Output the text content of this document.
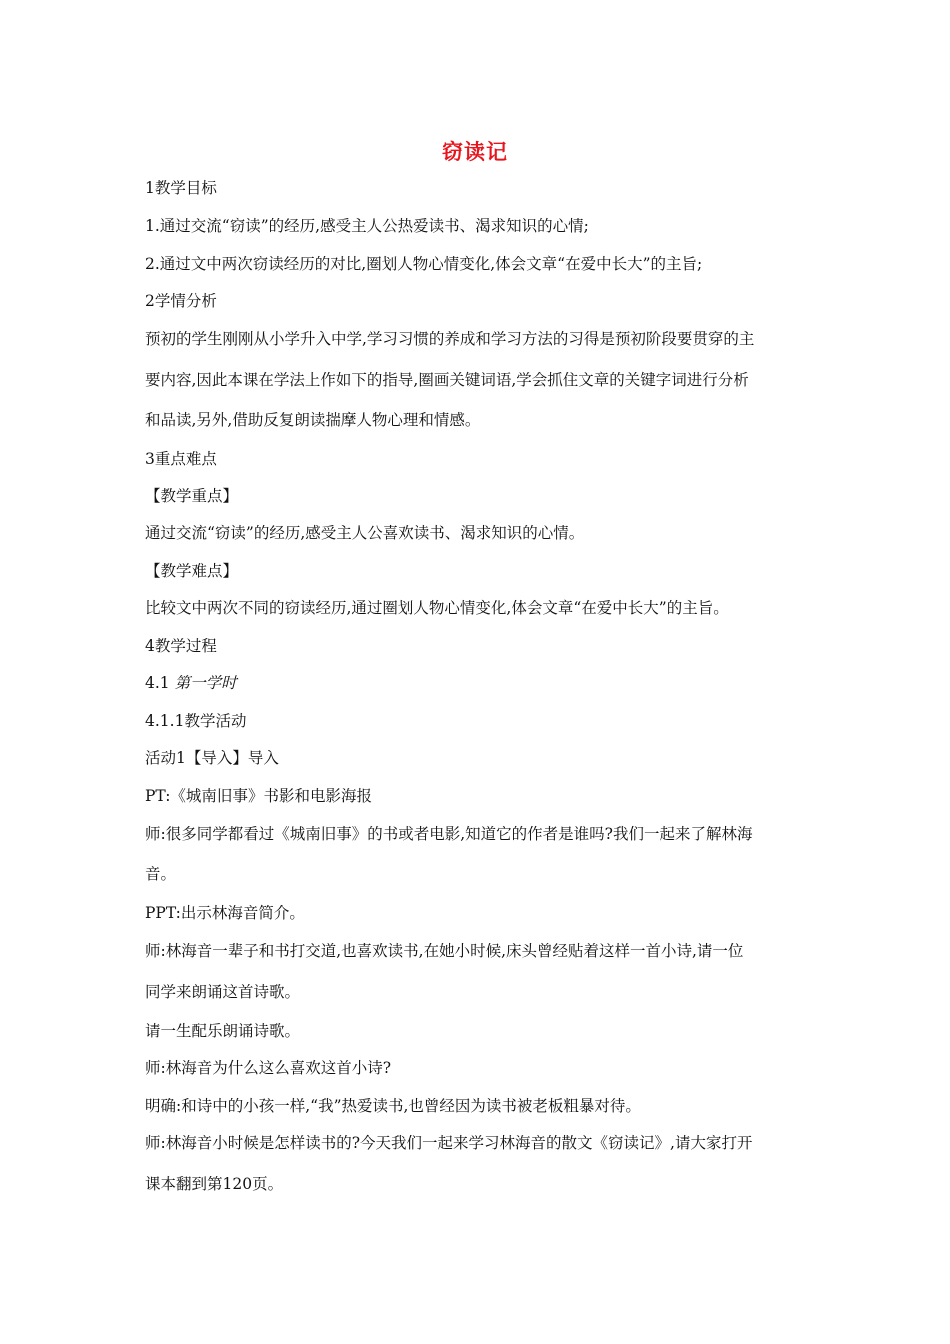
窃读记
1教学目标
1.通过交流“窃读”的经历,感受主人公热爱读书、渴求知识的心情;
2.通过文中两次窃读经历的对比,圈划人物心情变化,体会文章“在爱中长大”的主旨;
2学情分析
预初的学生刚刚从小学升入中学,学习习惯的养成和学习方法的习得是预初阶段要贯穿的主
要内容,因此本课在学法上作如下的指导,圈画关键词语,学会抓住文章的关键字词进行分析
和品读,另外,借助反复朗读揣摩人物心理和情感。
3重点难点
【教学重点】
通过交流“窃读”的经历,感受主人公喜欢读书、渴求知识的心情。
【教学难点】
比较文中两次不同的窃读经历,通过圈划人物心情变化,体会文章“在爱中长大”的主旨。
4教学过程
4.1 第一学时
4.1.1教学活动
活动1【导入】导入
PT:《城南旧事》书影和电影海报
师:很多同学都看过《城南旧事》的书或者电影,知道它的作者是谁吗?我们一起来了解林海
音。
PPT:出示林海音简介。
师:林海音一辈子和书打交道,也喜欢读书,在她小时候,床头曾经贴着这样一首小诗,请一位
同学来朗诵这首诗歌。
请一生配乐朗诵诗歌。
师:林海音为什么这么喜欢这首小诗?
明确:和诗中的小孩一样,“我”热爱读书,也曾经因为读书被老板粗暴对待。
师:林海音小时候是怎样读书的?今天我们一起来学习林海音的散文《窃读记》,请大家打开
课本翻到第120页。
